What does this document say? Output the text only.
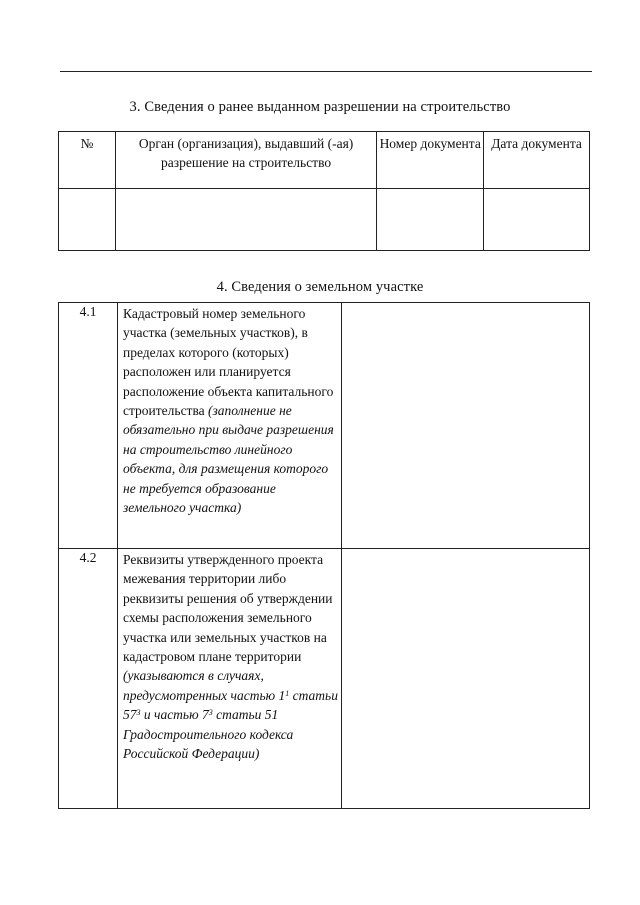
3. Сведения о ранее выданном разрешении на строительство
№	Орган (организация), выдавший (-ая) разрешение на строительство	Номер документа	Дата документа

4. Сведения о земельном участке
4.1	Кадастровый номер земельного участка (земельных участков), в пределах которого (которых) расположен или планируется расположение объекта капитального строительства (заполнение не обязательно при выдаче разрешения на строительство линейного объекта, для размещения которого не требуется образование земельного участка)	
4.2	Реквизиты утвержденного проекта межевания территории либо реквизиты решения об утверждении схемы расположения земельного участка или земельных участков на кадастровом плане территории (указываются в случаях, предусмотренных частью $1^1$ статьи $57^3$ и частью $7^3$ статьи 51 Градостроительного кодекса Российской Федерации)	
